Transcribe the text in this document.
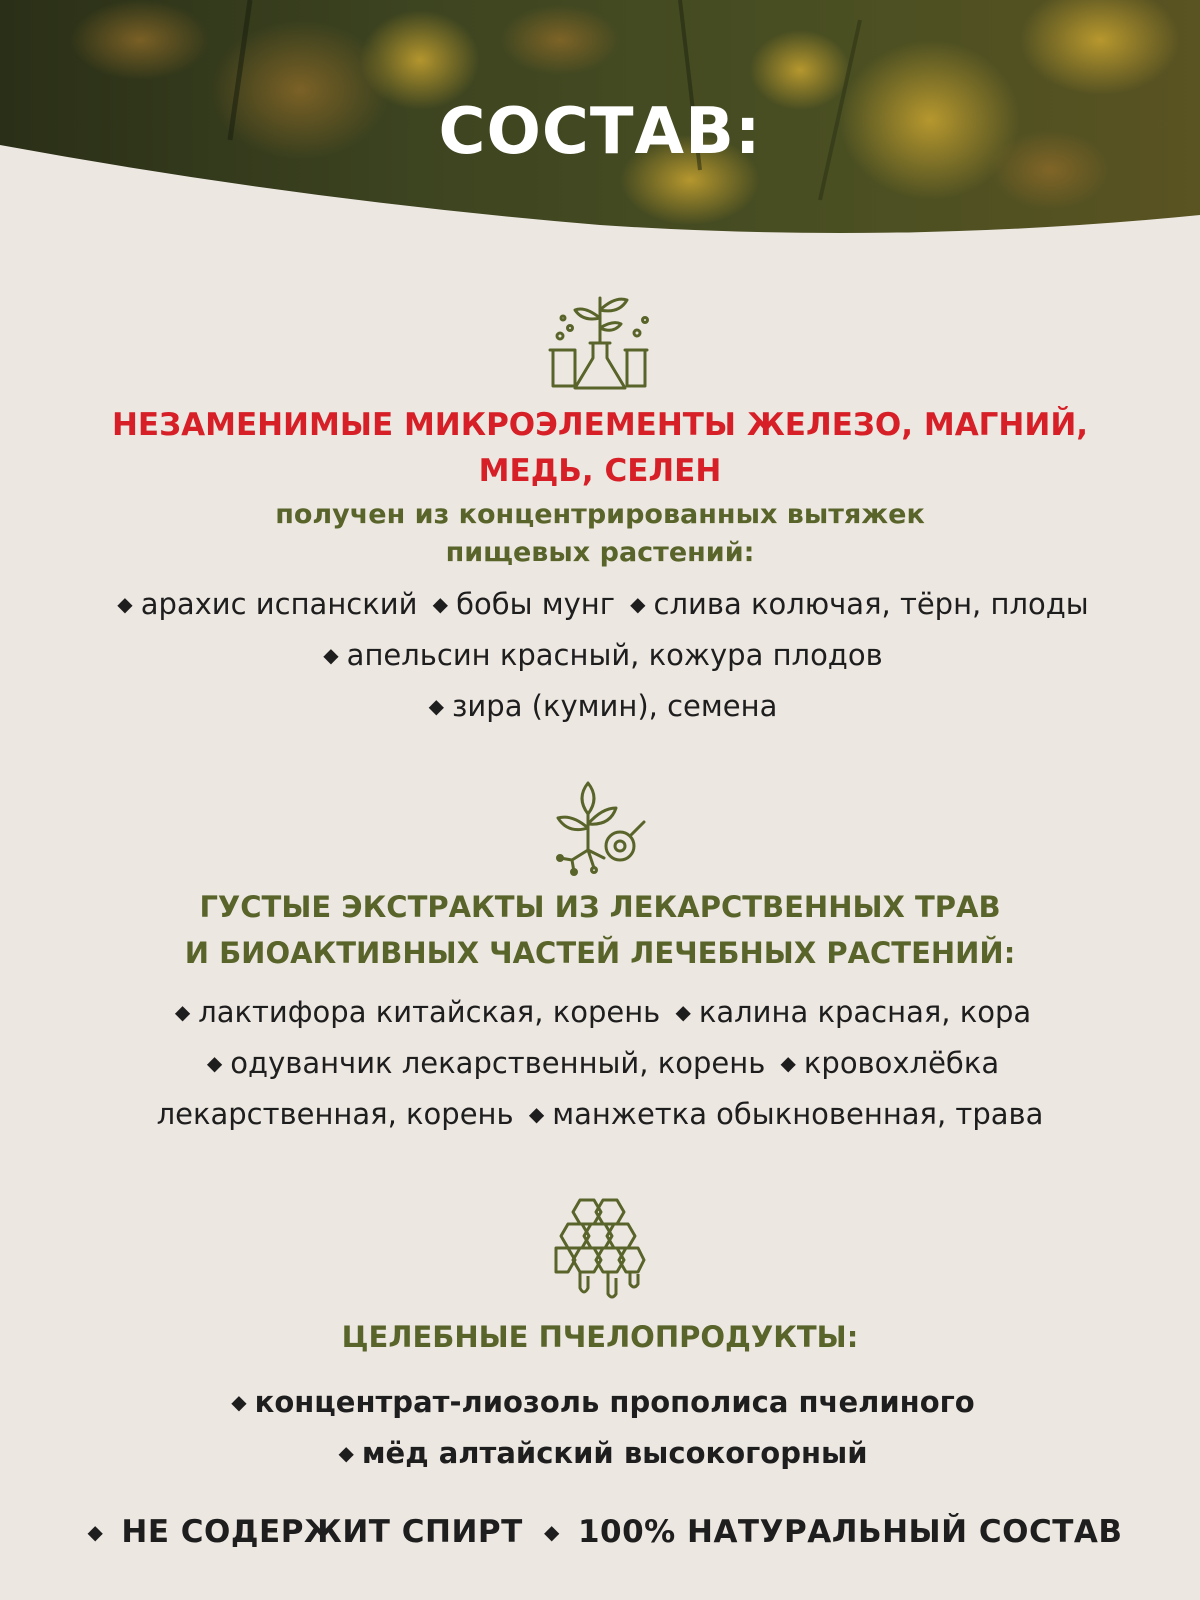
СОСТАВ:
НЕЗАМЕНИМЫЕ МИКРОЭЛЕМЕНТЫ ЖЕЛЕЗО, МАГНИЙ,
МЕДЬ, СЕЛЕН
получен из концентрированных вытяжек
пищевых растений:
◆ арахис испанский ◆ бобы мунг ◆ слива колючая, тёрн, плоды ◆ апельсин красный, кожура плодов
◆ зира (кумин), семена
ГУСТЫЕ ЭКСТРАКТЫ ИЗ ЛЕКАРСТВЕННЫХ ТРАВ
И БИОАКТИВНЫХ ЧАСТЕЙ ЛЕЧЕБНЫХ РАСТЕНИЙ:
◆ лактифора китайская, корень ◆ калина красная, кора
◆ одуванчик лекарственный, корень ◆ кровохлёбка лекарственная, корень ◆ манжетка обыкновенная, трава
ЦЕЛЕБНЫЕ ПЧЕЛОПРОДУКТЫ:
◆ концентрат-лиозоль прополиса пчелиного
◆ мёд алтайский высокогорный
◆ НЕ СОДЕРЖИТ СПИРТ ◆ 100% НАТУРАЛЬНЫЙ СОСТАВ
